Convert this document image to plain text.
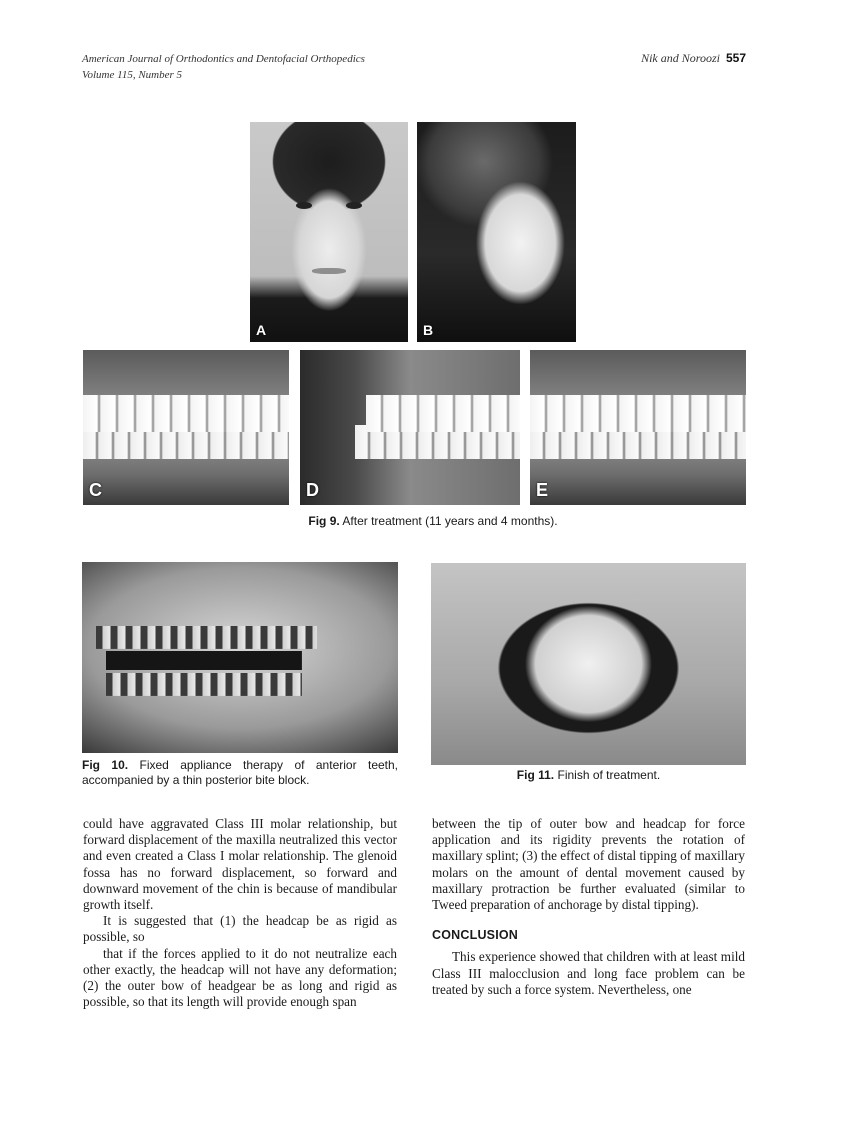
American Journal of Orthodontics and Dentofacial Orthopedics
Volume 115, Number 5
Nik and Noroozi 557
A	B
C	D	E
Fig 9. After treatment (11 years and 4 months).
Fig 10. Fixed appliance therapy of anterior teeth, accompanied by a thin posterior bite block.	Fig 11. Finish of treatment.

could have aggravated Class III molar relationship, but forward displacement of the maxilla neutralized this vector and even created a Class I molar relationship. The glenoid fossa has no forward displacement, so forward and downward movement of the chin is because of mandibular growth itself.

It is suggested that (1) the headcap be as rigid as possible, so

that if the forces applied to it do not neutralize each other exactly, the headcap will not have any deformation; (2) the outer bow of headgear be as long and rigid as possible, so that its length will provide enough span

between the tip of outer bow and headcap for force application and its rigidity prevents the rotation of maxillary splint; (3) the effect of distal tipping of maxillary molars on the amount of dental movement caused by maxillary protraction be further evaluated (similar to Tweed preparation of anchorage by distal tipping).

CONCLUSION

This experience showed that children with at least mild Class III malocclusion and long face problem can be treated by such a force system. Nevertheless, one
